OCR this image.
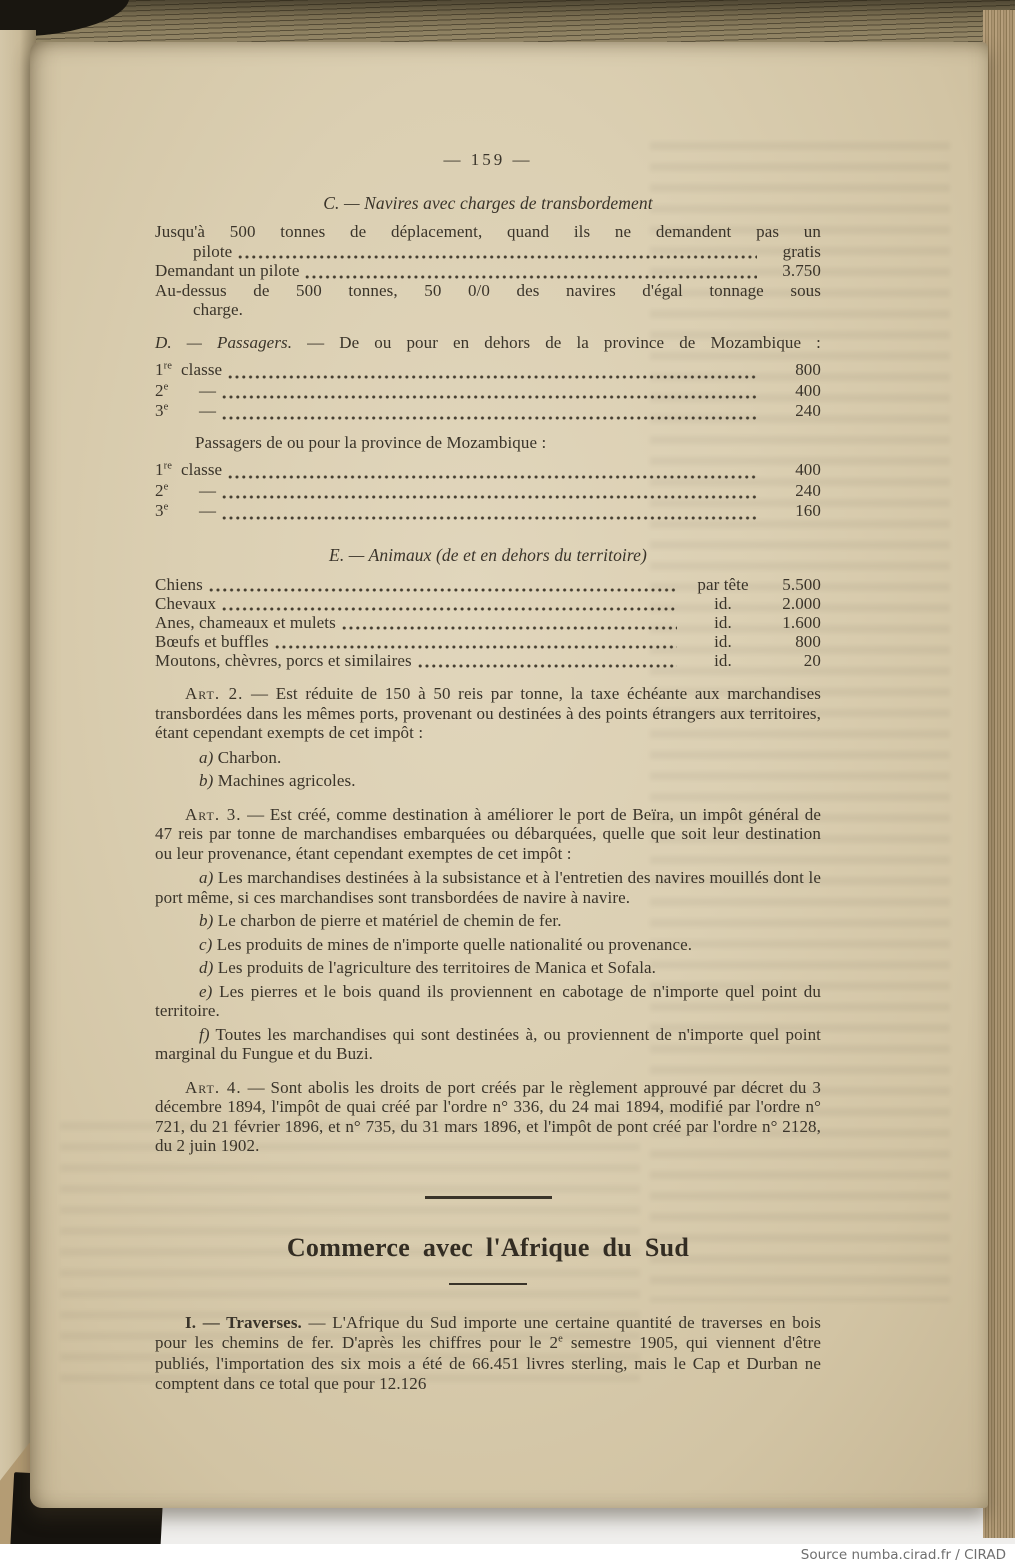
— 159 —
C. — Navires avec charges de transbordement
Jusqu'à 500 tonnes de déplacement, quand ils ne demandent pas un
pilote	gratis
Demandant un pilote	3.750
Au-dessus de 500 tonnes, 50 0/0 des navires d'égal tonnage sous
charge.
D. — Passagers. — De ou pour en dehors de la province de Mozambique :
1re classe	800
2e	—	400
3e	—	240
Passagers de ou pour la province de Mozambique :
1re classe	400
2e	—	240
3e	—	160
E. — Animaux (de et en dehors du territoire)
Chiens	par tête	5.500
Chevaux	id.	2.000
Anes, chameaux et mulets	id.	1.600
Bœufs et buffles	id.	800
Moutons, chèvres, porcs et similaires	id.	20

Art. 2. — Est réduite de 150 à 50 reis par tonne, la taxe échéante aux marchandises transbordées dans les mêmes ports, provenant ou destinées à des points étrangers aux territoires, étant cependant exempts de cet impôt :

a) Charbon.
b) Machines agricoles.

Art. 3. — Est créé, comme destination à améliorer le port de Beïra, un impôt général de 47 reis par tonne de marchandises embarquées ou débarquées, quelle que soit leur destination ou leur provenance, étant cependant exemptes de cet impôt :

a) Les marchandises destinées à la subsistance et à l'entretien des navires mouillés dont le port même, si ces marchandises sont transbordées de navire à navire.
b) Le charbon de pierre et matériel de chemin de fer.
c) Les produits de mines de n'importe quelle nationalité ou provenance.
d) Les produits de l'agriculture des territoires de Manica et Sofala.
e) Les pierres et le bois quand ils proviennent en cabotage de n'importe quel point du territoire.
f) Toutes les marchandises qui sont destinées à, ou proviennent de n'importe quel point marginal du Fungue et du Buzi.

Art. 4. — Sont abolis les droits de port créés par le règlement approuvé par décret du 3 décembre 1894, l'impôt de quai créé par l'ordre n° 336, du 24 mai 1894, modifié par l'ordre n° 721, du 21 février 1896, et n° 735, du 31 mars 1896, et l'impôt de pont créé par l'ordre n° 2128, du 2 juin 1902.

Commerce avec l'Afrique du Sud

I. — Traverses. — L'Afrique du Sud importe une certaine quantité de traverses en bois pour les chemins de fer. D'après les chiffres pour le 2e semestre 1905, qui viennent d'être publiés, l'importation des six mois a été de 66.451 livres sterling, mais le Cap et Durban ne comptent dans ce total que pour 12.126

Source numba.cirad.fr / CIRAD
